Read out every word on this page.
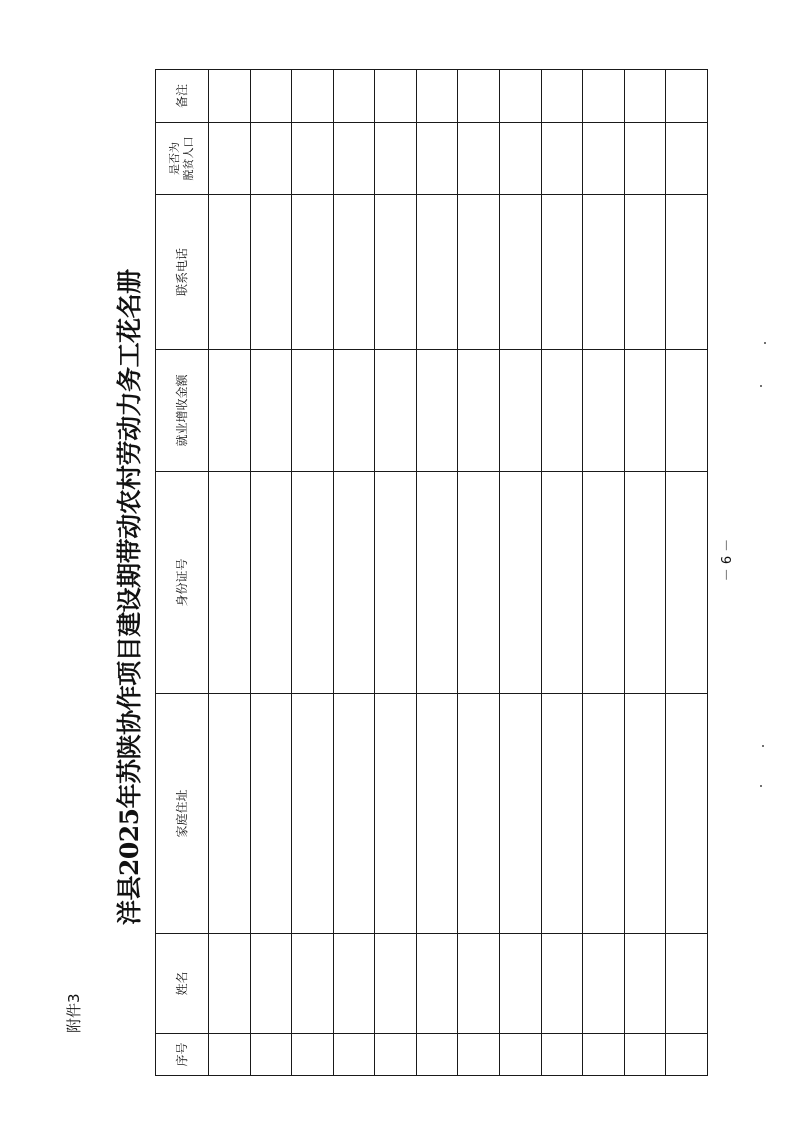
附件3
洋县2025年苏陕协作项目建设期带动农村劳动力务工花名册	－ 6 －
序号	姓名	家庭住址	身份证号	就业增收金额	联系电话	是否为
脱贫人口	备注
